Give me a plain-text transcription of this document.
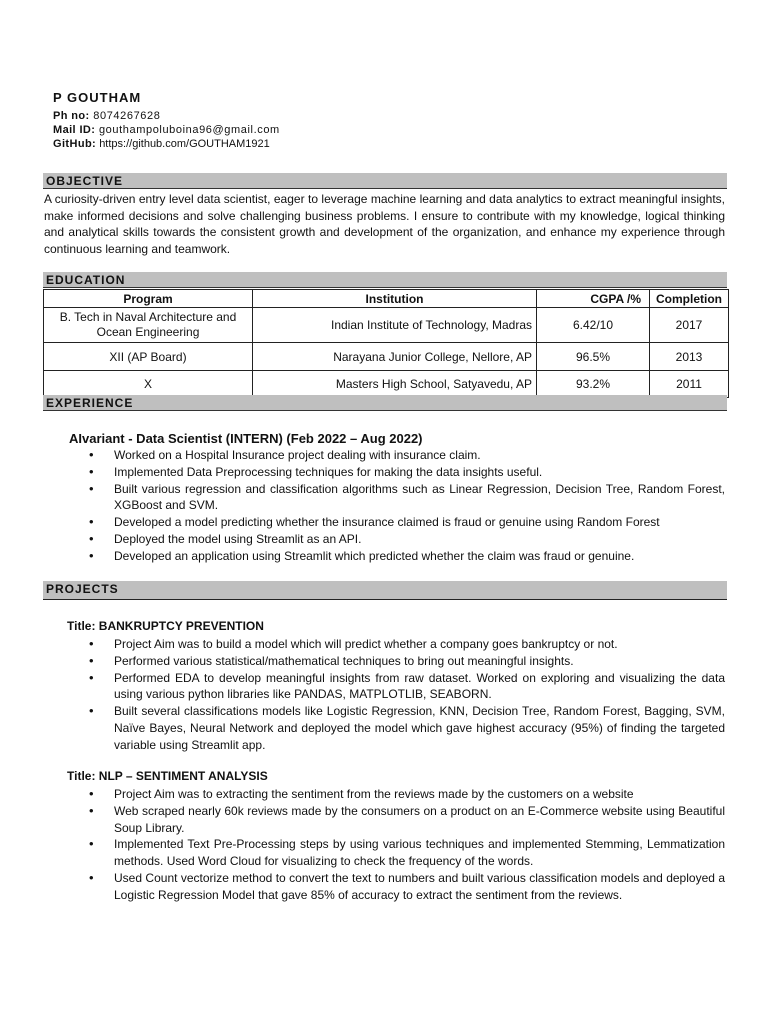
P GOUTHAM
Ph no: 8074267628
Mail ID: gouthampoluboina96@gmail.com
GitHub: https://github.com/GOUTHAM1921
OBJECTIVE
A curiosity-driven entry level data scientist, eager to leverage machine learning and data analytics to extract meaningful insights, make informed decisions and solve challenging business problems. I ensure to contribute with my knowledge, logical thinking and analytical skills towards the consistent growth and development of the organization, and enhance my experience through continuous learning and teamwork.
EDUCATION
Program	Institution	CGPA /%	Completion
B. Tech in Naval Architecture and Ocean Engineering	Indian Institute of Technology, Madras	6.42/10	2017
XII (AP Board)	Narayana Junior College, Nellore, AP	96.5%	2013
X	Masters High School, Satyavedu, AP	93.2%	2011
EXPERIENCE
AIvariant - Data Scientist (INTERN) (Feb 2022 – Aug 2022)
• Worked on a Hospital Insurance project dealing with insurance claim.
• Implemented Data Preprocessing techniques for making the data insights useful.
• Built various regression and classification algorithms such as Linear Regression, Decision Tree, Random Forest, XGBoost and SVM.
• Developed a model predicting whether the insurance claimed is fraud or genuine using Random Forest
• Deployed the model using Streamlit as an API.
• Developed an application using Streamlit which predicted whether the claim was fraud or genuine.
PROJECTS
Title: BANKRUPTCY PREVENTION
• Project Aim was to build a model which will predict whether a company goes bankruptcy or not.
• Performed various statistical/mathematical techniques to bring out meaningful insights.
• Performed EDA to develop meaningful insights from raw dataset. Worked on exploring and visualizing the data using various python libraries like PANDAS, MATPLOTLIB, SEABORN.
• Built several classifications models like Logistic Regression, KNN, Decision Tree, Random Forest, Bagging, SVM, Naïve Bayes, Neural Network and deployed the model which gave highest accuracy (95%) of finding the targeted variable using Streamlit app.
Title: NLP – SENTIMENT ANALYSIS
• Project Aim was to extracting the sentiment from the reviews made by the customers on a website
• Web scraped nearly 60k reviews made by the consumers on a product on an E-Commerce website using Beautiful Soup Library.
• Implemented Text Pre-Processing steps by using various techniques and implemented Stemming, Lemmatization methods. Used Word Cloud for visualizing to check the frequency of the words.
• Used Count vectorize method to convert the text to numbers and built various classification models and deployed a Logistic Regression Model that gave 85% of accuracy to extract the sentiment from the reviews.
